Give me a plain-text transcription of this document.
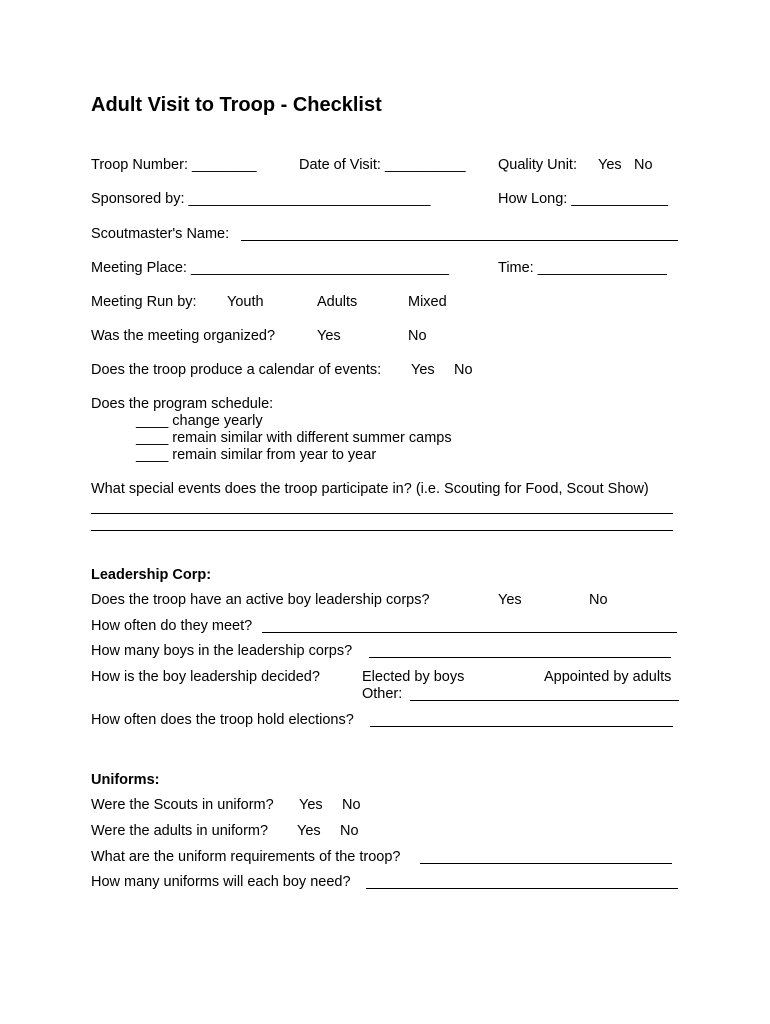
Adult Visit to Troop - Checklist
Troop Number: ________	Date of Visit: __________ Quality Unit: Yes No
Sponsored by: ______________________________	How Long: ____________
Scoutmaster's Name:
Meeting Place: ________________________________	Time: ________________
Meeting Run by: Youth	Adults	Mixed
Was the meeting organized?	Yes	No
Does the troop produce a calendar of events: Yes No
Does the program schedule:
____ change yearly
____ remain similar with different summer camps
____ remain similar from year to year
What special events does the troop participate in? (i.e. Scouting for Food, Scout Show)
Leadership Corp:
Does the troop have an active boy leadership corps?	Yes	No
How often do they meet?
How many boys in the leadership corps?
How is the boy leadership decided?	Elected by boys	Appointed by adults
Other:
How often does the troop hold elections?
Uniforms:
Were the Scouts in uniform? Yes No
Were the adults in uniform? Yes No
What are the uniform requirements of the troop?
How many uniforms will each boy need?
